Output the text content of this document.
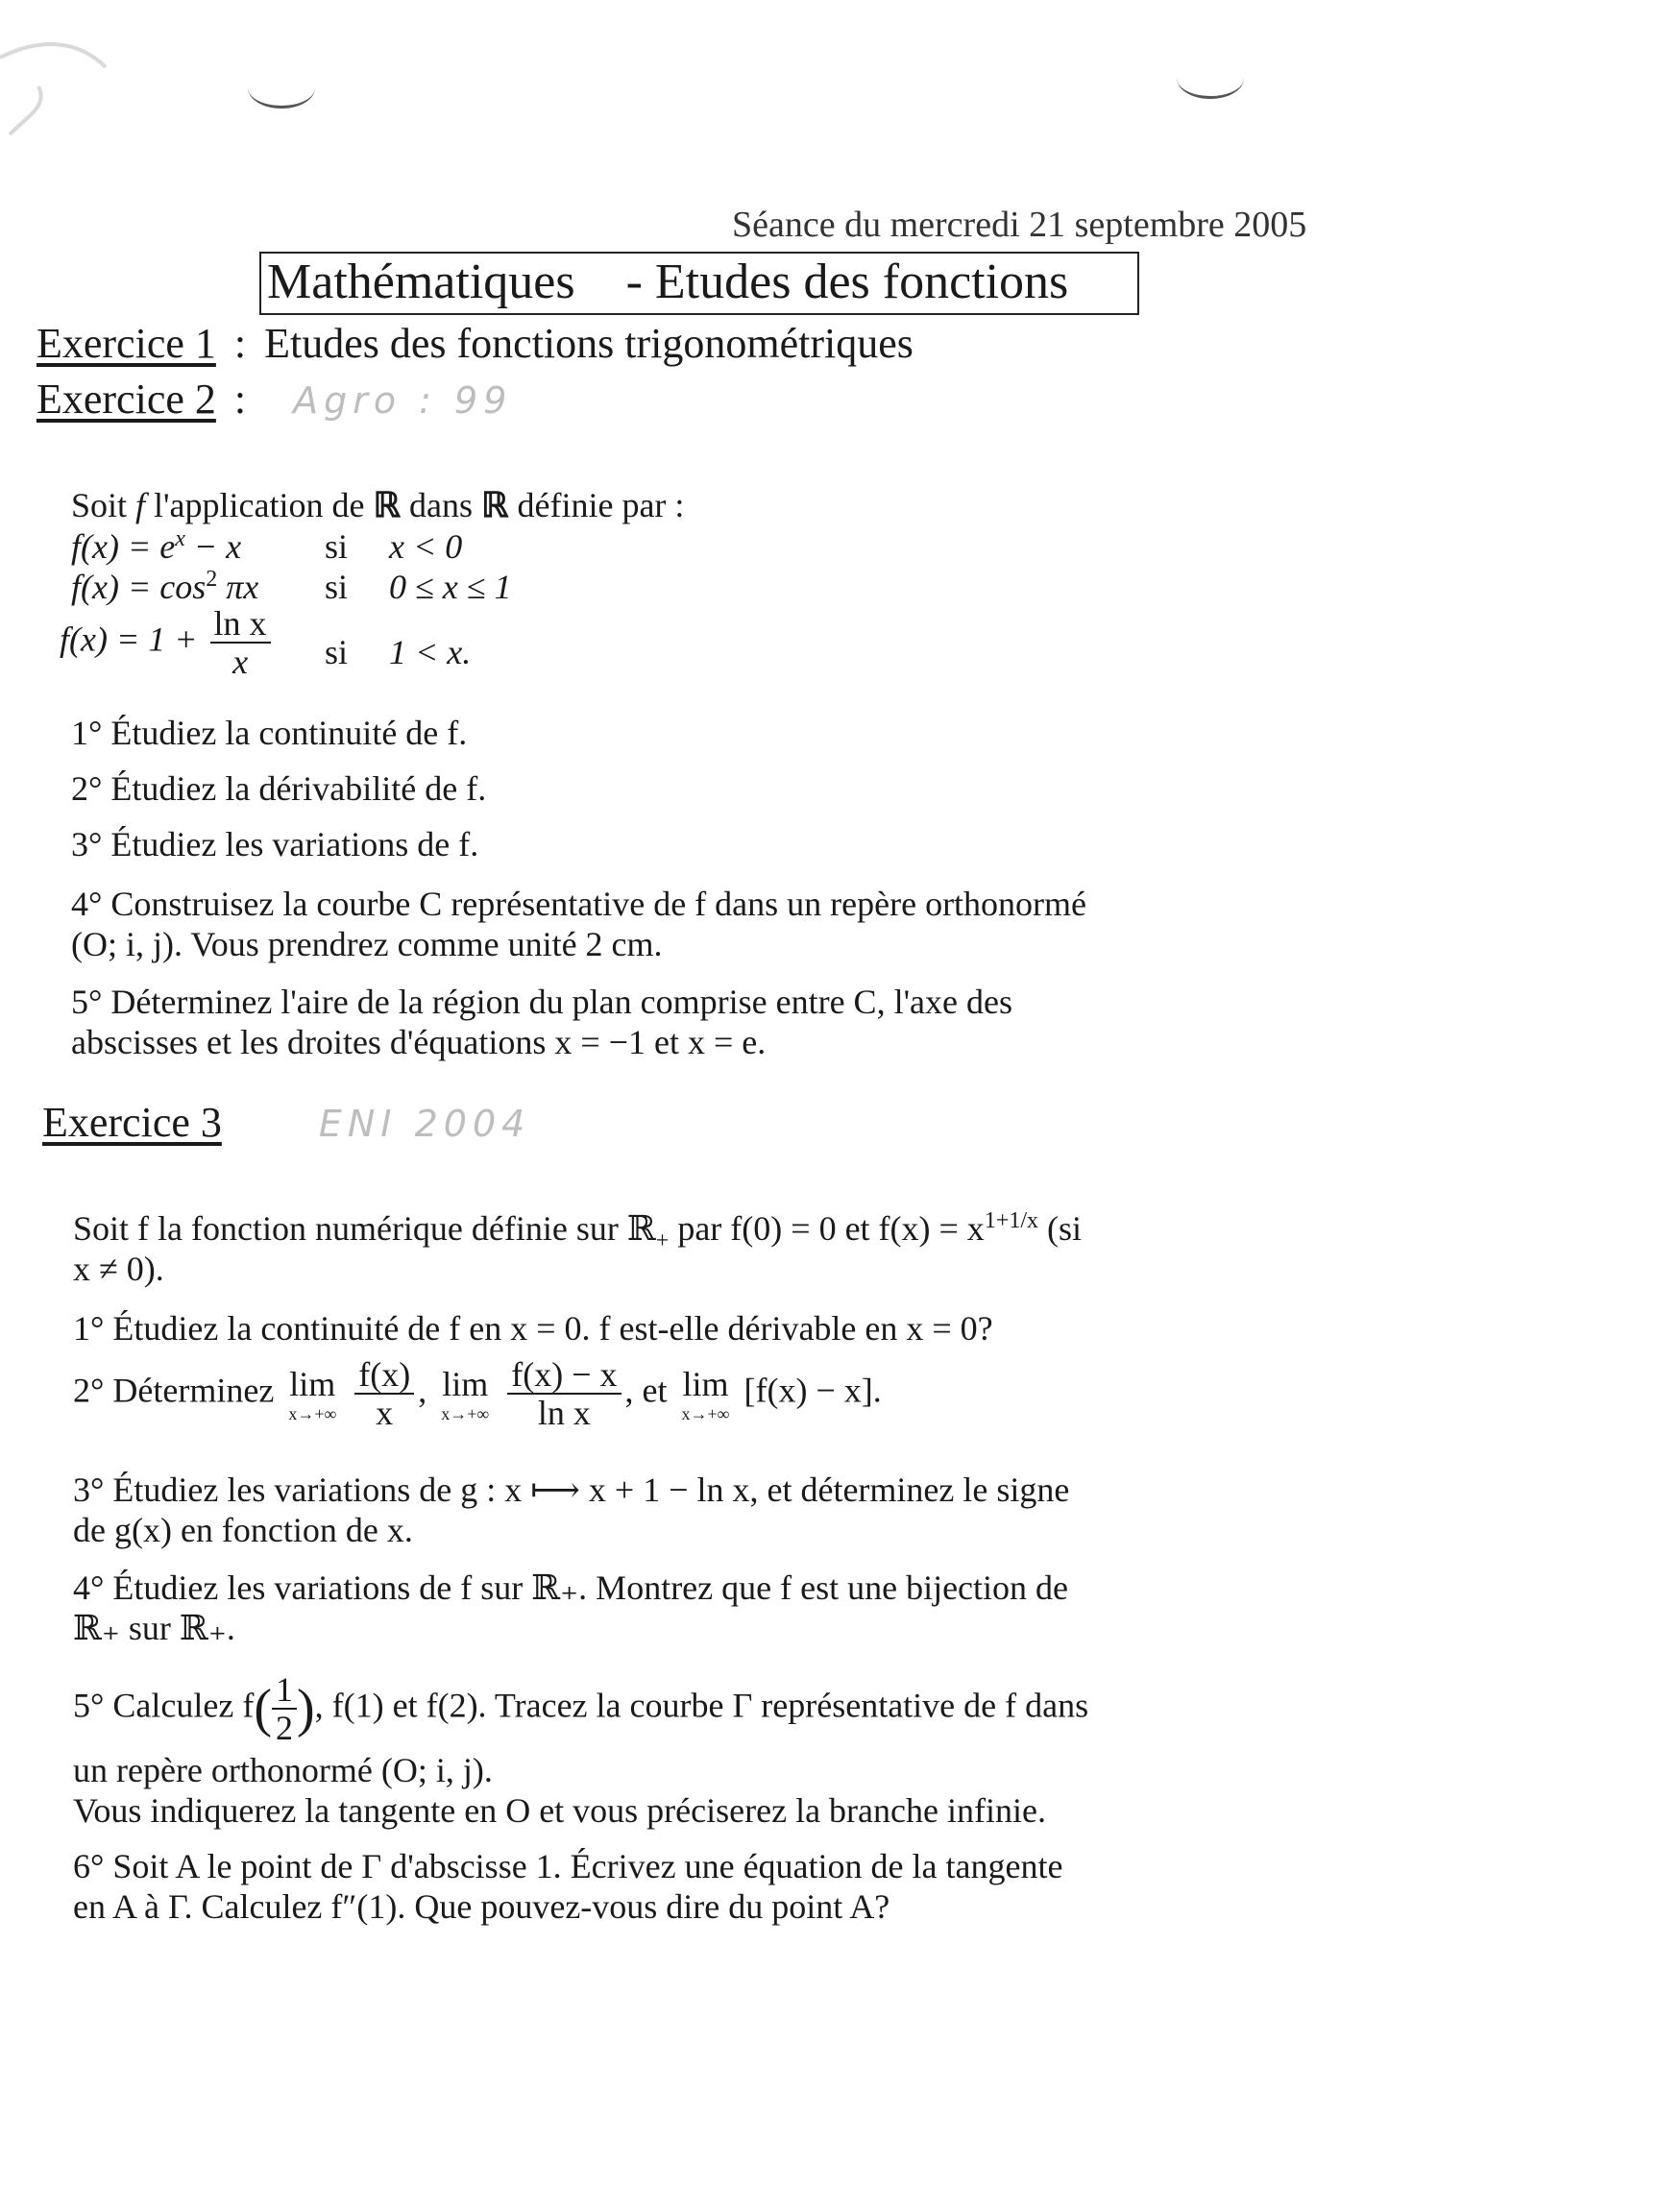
Séance du mercredi 21 septembre 2005
Mathématiques - Etudes des fonctions
Exercice 1 : Etudes des fonctions trigonométriques
Exercice 2 : Agro : 99
Soit f l'application de ℝ dans ℝ définie par :
$f(x) = e^x - x$ si x < 0
$f(x) = \cos^2 \pi x$ si 0 ≤ x ≤ 1
$f(x) = 1 + \frac{\text{ln x}}{x}$ si 1 < x.
1° Étudiez la continuité de f.
2° Étudiez la dérivabilité de f.
3° Étudiez les variations de f.
4° Construisez la courbe C représentative de f dans un repère orthonormé
(O; i, j). Vous prendrez comme unité 2 cm.
5° Déterminez l'aire de la région du plan comprise entre C, l'axe des
abscisses et les droites d'équations x = −1 et x = e.
Exercice 3	ENI 2004
Soit f la fonction numérique définie sur ℝ$_+$ par f(0) = 0 et $f(x) = x^{1+1/x}$ (si
x ≠ 0).
1° Étudiez la continuité de f en x = 0. f est-elle dérivable en x = 0?
2° Déterminez lim
x→+∞
$\frac{f(x)}{x}$ , lim
x→+∞
$\frac{f(x) - x}{\text{ln x}}$ , et lim
x→+∞
[f(x) − x].
3° Étudiez les variations de g : x ⟼ x + 1 − ln x, et déterminez le signe
de g(x) en fonction de x.
4° Étudiez les variations de f sur ℝ₊. Montrez que f est une bijection de
ℝ₊ sur ℝ₊.
5° Calculez $f( \frac{1}{2}$ ), f(1) et f(2). Tracez la courbe Γ représentative de f dans
un repère orthonormé (O; i, j).
Vous indiquerez la tangente en O et vous préciserez la branche infinie.
6° Soit A le point de Γ d'abscisse 1. Écrivez une équation de la tangente
en A à Γ. Calculez f″(1). Que pouvez-vous dire du point A?
